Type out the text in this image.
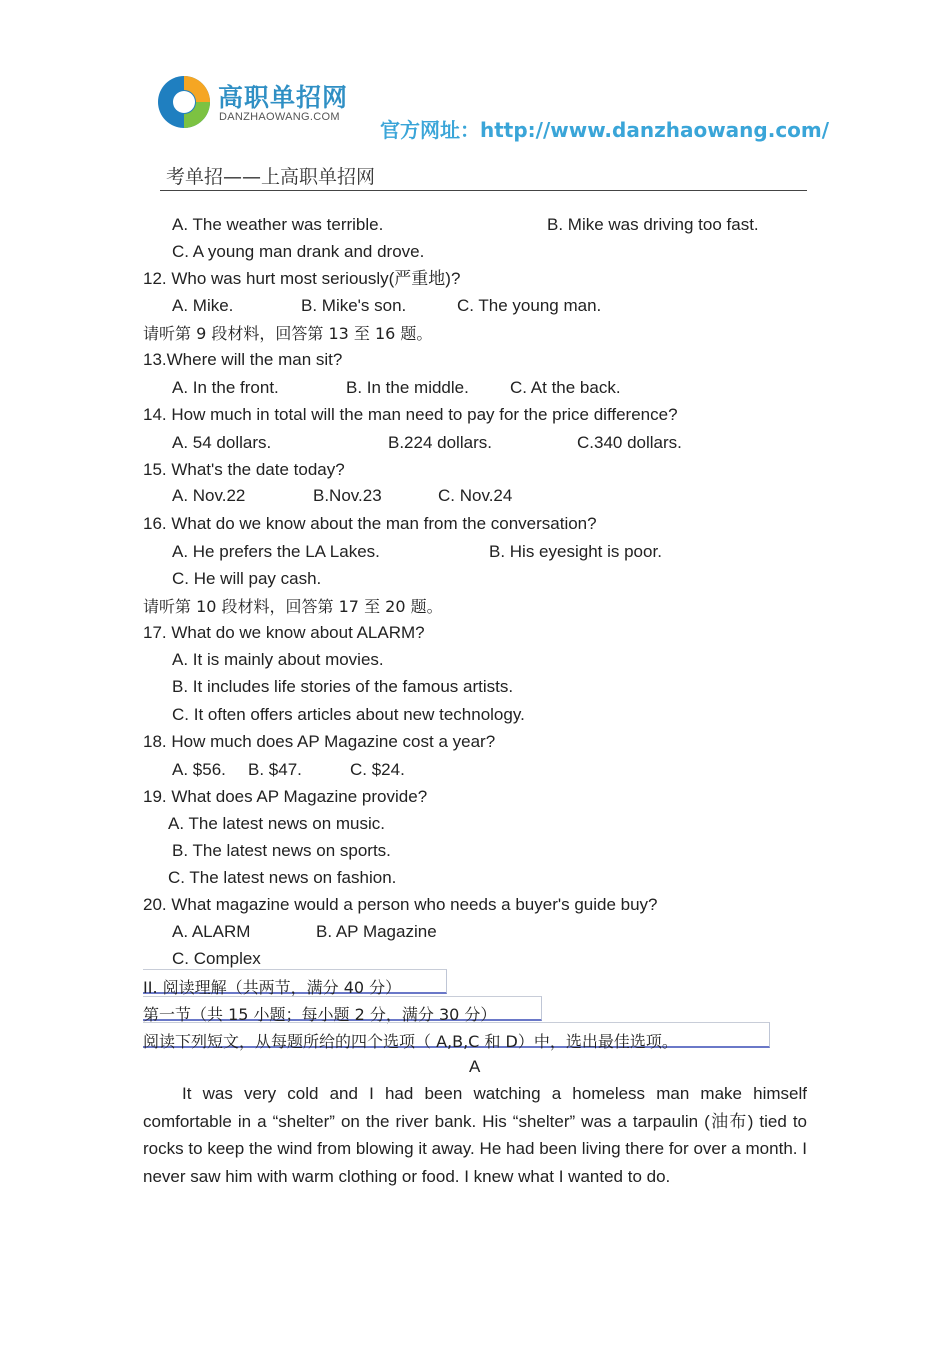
高职单招网
DANZHAOWANG.COM
官方网址：http://www.danzhaowang.com/
考单招——上高职单招网
A. The weather was terrible.	B. Mike was driving too fast.
C. A young man drank and drove.
12. Who was hurt most seriously(严重地)?
A. Mike.	B. Mike's son.	C. The young man.
请听第 9 段材料，回答第 13 至 16 题。
13.Where will the man sit?
A. In the front.	B. In the middle. C. At the back.
14. How much in total will the man need to pay for the price difference?
A. 54 dollars.	B.224 dollars.	C.340 dollars.
15. What's the date today?
A. Nov.22	B.Nov.23	C. Nov.24
16. What do we know about the man from the conversation?
A. He prefers the LA Lakes.	B. His eyesight is poor.
C. He will pay cash.
请听第 10 段材料，回答第 17 至 20 题。
17. What do we know about ALARM?
A. It is mainly about movies.
B. It includes life stories of the famous artists.
C. It often offers articles about new technology.
18. How much does AP Magazine cost a year?
A. $56. B. $47.	C. $24.
19. What does AP Magazine provide?
A. The latest news on music.
B. The latest news on sports.
C. The latest news on fashion.
20. What magazine would a person who needs a buyer's guide buy?
A. ALARM	B. AP Magazine
C. Complex
II. 阅读理解（共两节，满分 40 分）
第一节（共 15 小题；每小题 2 分，满分 30 分）
阅读下列短文，从每题所给的四个选项（ A,B,C 和 D）中，选出最佳选项。
A
It was very cold and I had been watching a homeless man make himself comfortable in a “shelter” on the river bank. His “shelter” was a tarpaulin (油布) tied to rocks to keep the wind from blowing it away. He had been living there for over a month. I never saw him with warm clothing or food. I knew what I wanted to do.
